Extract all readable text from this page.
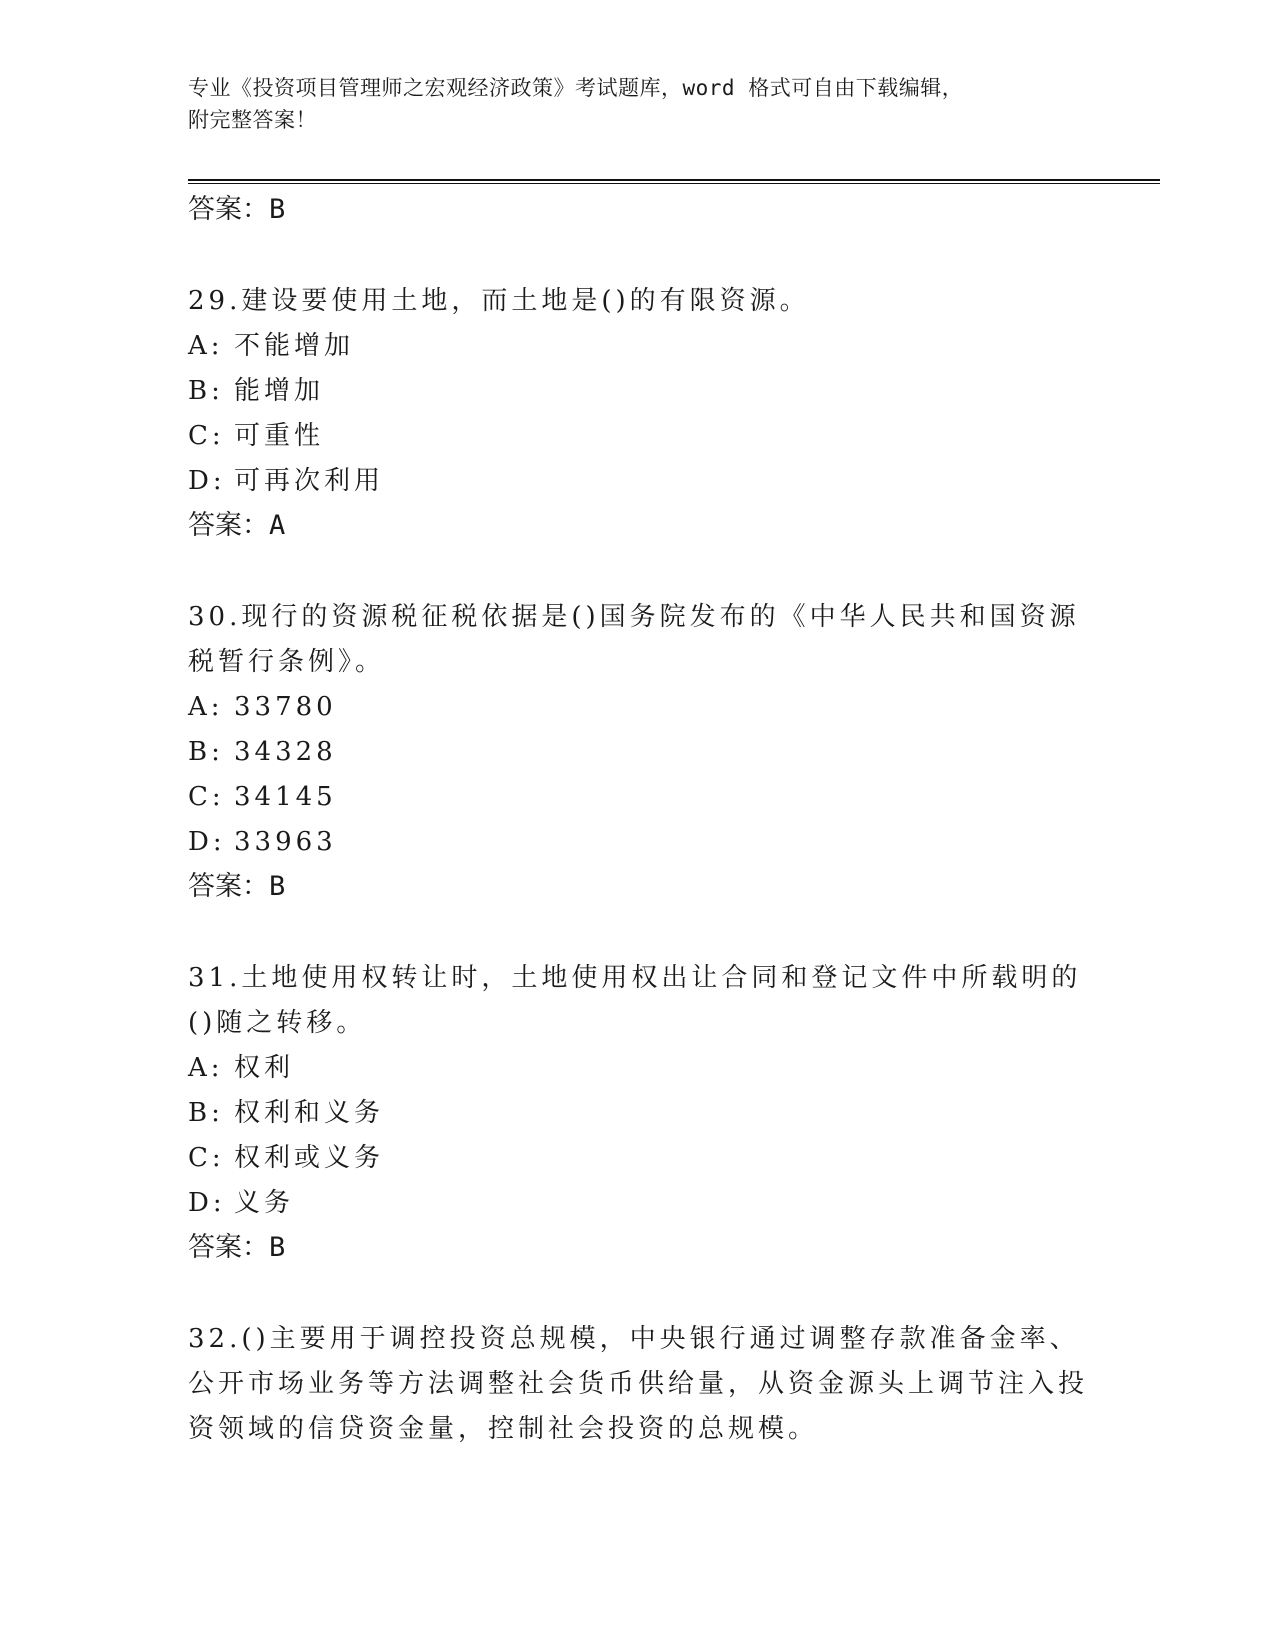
专业《投资项目管理师之宏观经济政策》考试题库，word 格式可自由下载编辑，
附完整答案！

答案：B

29.建设要使用土地，而土地是()的有限资源。

A: 不能增加

B: 能增加

C: 可重性

D: 可再次利用

答案：A

30.现行的资源税征税依据是()国务院发布的《中华人民共和国资源税暂行条例》。

A: 33780

B: 34328

C: 34145

D: 33963

答案：B

31.土地使用权转让时，土地使用权出让合同和登记文件中所载明的()随之转移。

A: 权利

B: 权利和义务

C: 权利或义务

D: 义务

答案：B

32.()主要用于调控投资总规模，中央银行通过调整存款准备金率、公开市场业务等方法调整社会货币供给量，从资金源头上调节注入投资领域的信贷资金量，控制社会投资的总规模。
